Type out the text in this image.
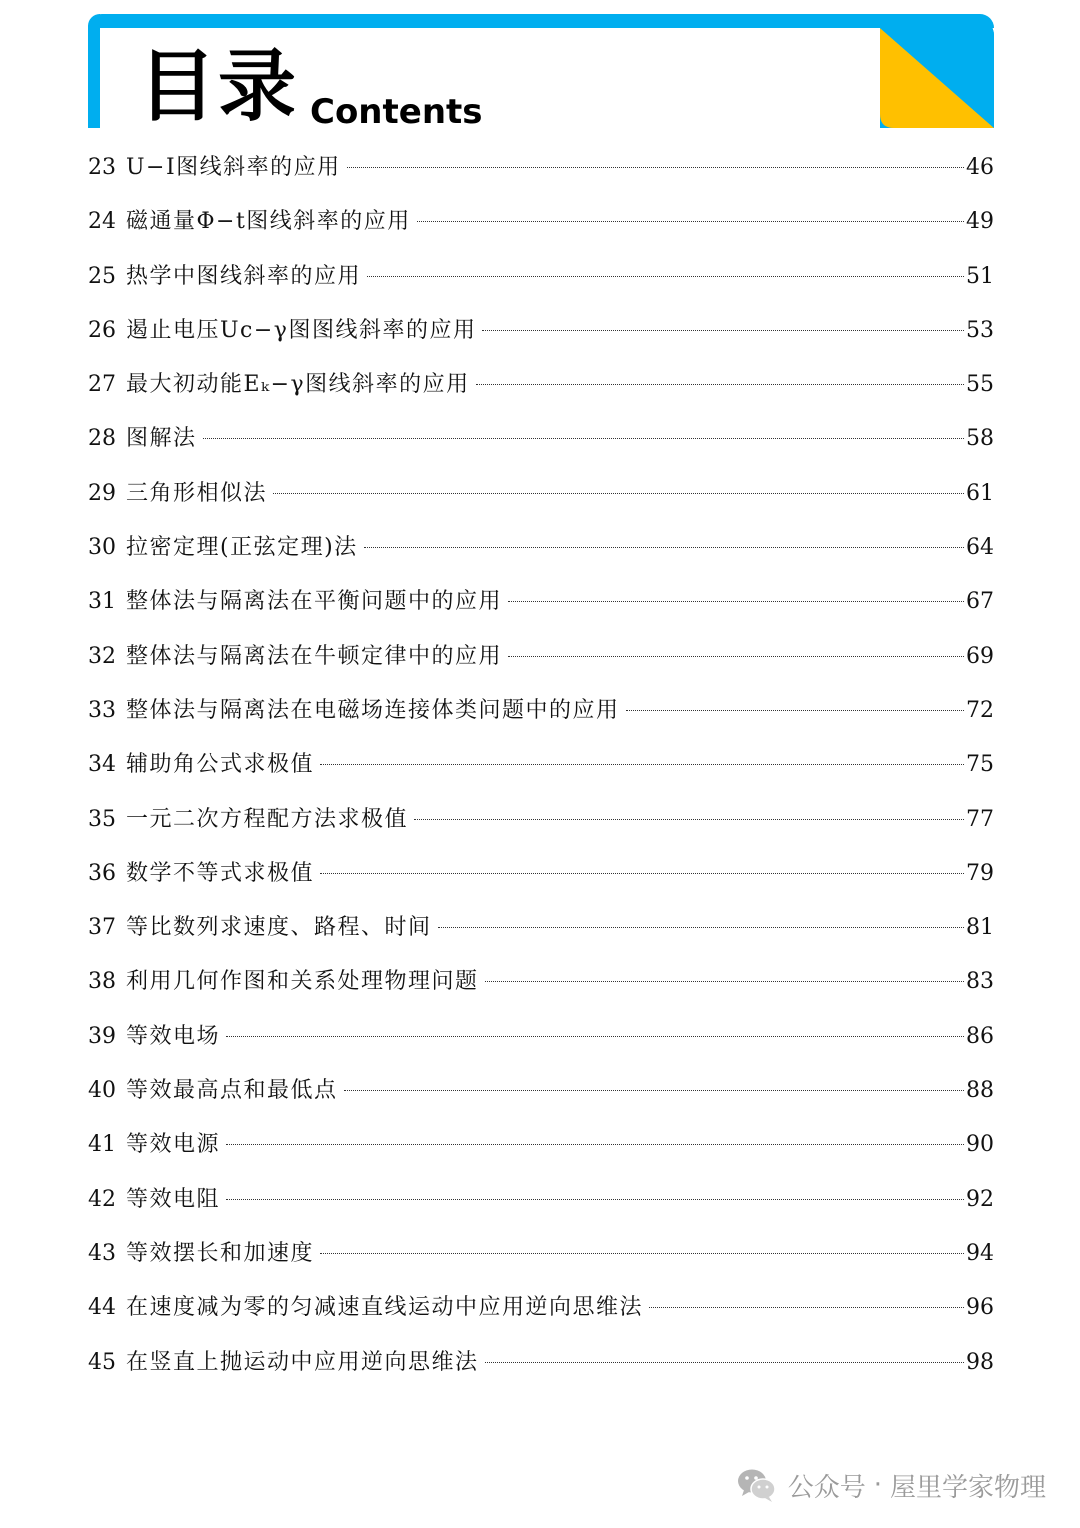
目录 Contents
23 U−I图线斜率的应用	46
24 磁通量Φ−t图线斜率的应用	49
25 热学中图线斜率的应用	51
26 遏止电压Uc−γ图图线斜率的应用	53
27 最大初动能Eₖ−γ图线斜率的应用	55
28 图解法	58
29 三角形相似法	61
30 拉密定理(正弦定理)法	64
31 整体法与隔离法在平衡问题中的应用	67
32 整体法与隔离法在牛顿定律中的应用	69
33 整体法与隔离法在电磁场连接体类问题中的应用	72
34 辅助角公式求极值	75
35 一元二次方程配方法求极值	77
36 数学不等式求极值	79
37 等比数列求速度、路程、时间	81
38 利用几何作图和关系处理物理问题	83
39 等效电场	86
40 等效最高点和最低点	88
41 等效电源	90
42 等效电阻	92
43 等效摆长和加速度	94
44 在速度减为零的匀减速直线运动中应用逆向思维法	96
45 在竖直上抛运动中应用逆向思维法	98
公众号 · 屋里学家物理
